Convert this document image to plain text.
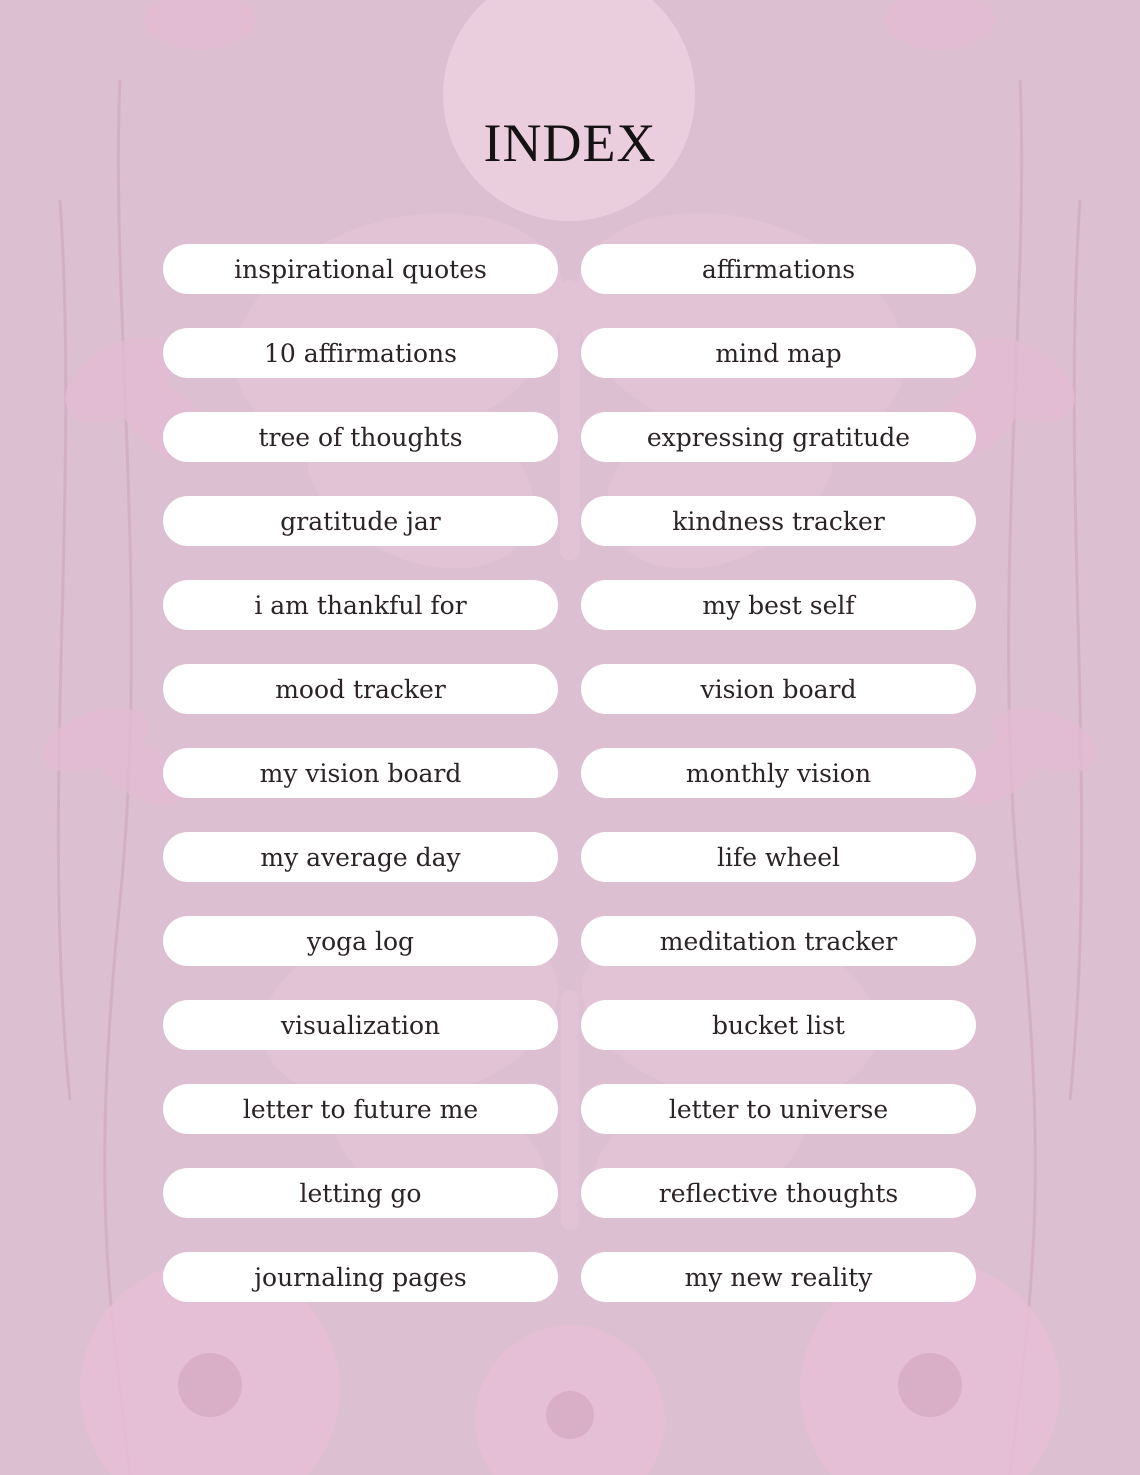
INDEX
inspirational quotes	affirmations
10 affirmations	mind map
tree of thoughts	expressing gratitude
gratitude jar	kindness tracker
i am thankful for	my best self
mood tracker	vision board
my vision board	monthly vision
my average day	life wheel
yoga log	meditation tracker
visualization	bucket list
letter to future me	letter to universe
letting go	reflective thoughts
journaling pages	my new reality
